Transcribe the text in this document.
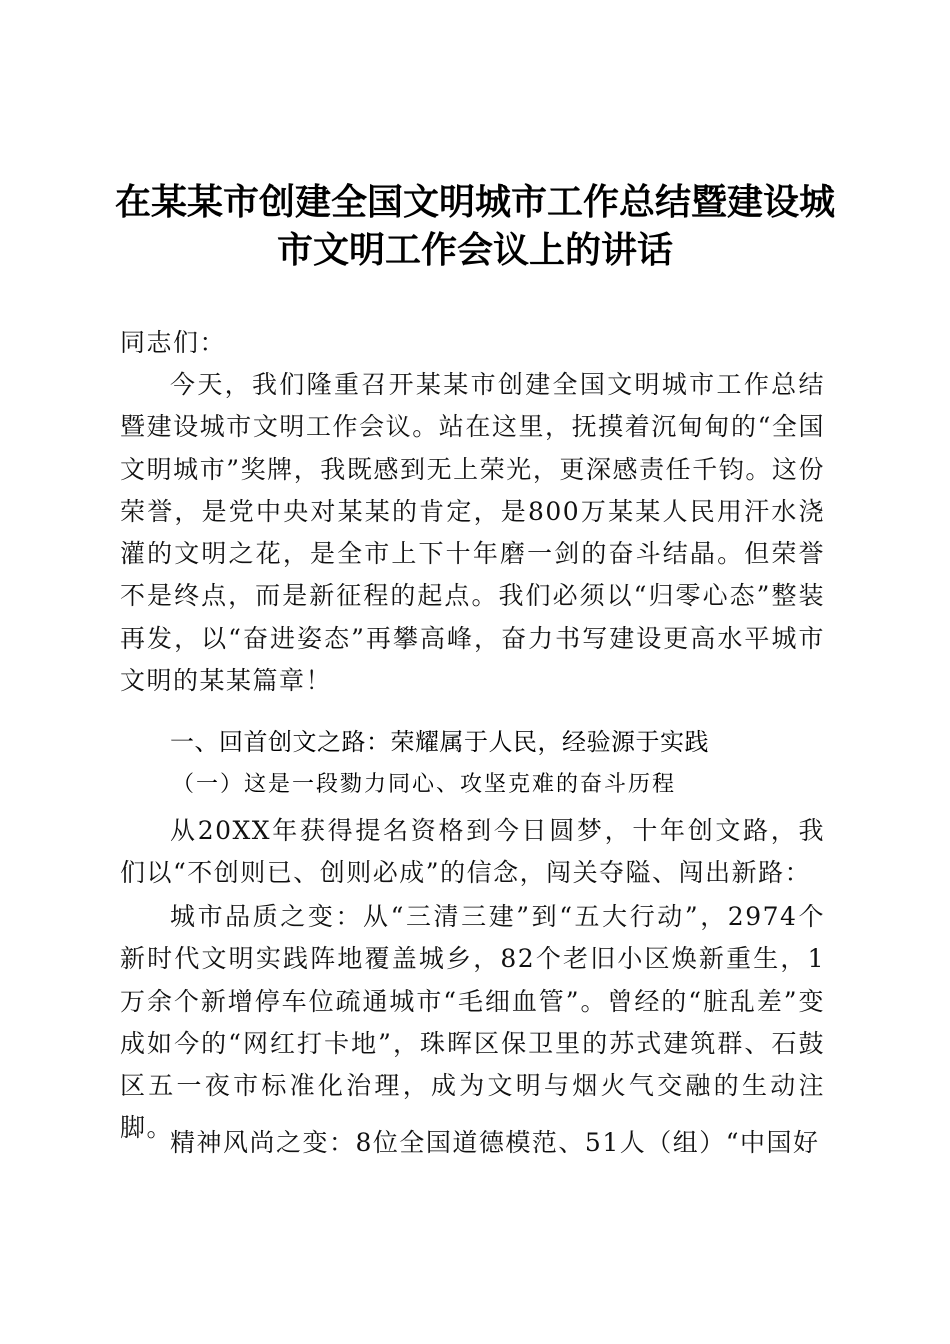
在某某市创建全国文明城市工作总结暨建设城
市文明工作会议上的讲话

同志们：

今天，我们隆重召开某某市创建全国文明城市工作总结暨建设城市文明工作会议。站在这里，抚摸着沉甸甸的“全国文明城市”奖牌，我既感到无上荣光，更深感责任千钧。这份荣誉，是党中央对某某的肯定，是800万某某人民用汗水浇灌的文明之花，是全市上下十年磨一剑的奋斗结晶。但荣誉不是终点，而是新征程的起点。我们必须以“归零心态”整装再发，以“奋进姿态”再攀高峰，奋力书写建设更高水平城市文明的某某篇章！

一、回首创文之路：荣耀属于人民，经验源于实践
（一）这是一段勠力同心、攻坚克难的奋斗历程

从20XX年获得提名资格到今日圆梦，十年创文路，我们以“不创则已、创则必成”的信念，闯关夺隘、闯出新路：

城市品质之变：从“三清三建”到“五大行动”，2974个新时代文明实践阵地覆盖城乡，82个老旧小区焕新重生，1万余个新增停车位疏通城市“毛细血管”。曾经的“脏乱差”变成如今的“网红打卡地”，珠晖区保卫里的苏式建筑群、石鼓区五一夜市标准化治理，成为文明与烟火气交融的生动注脚。

精神风尚之变：8位全国道德模范、51人（组）“中国好
